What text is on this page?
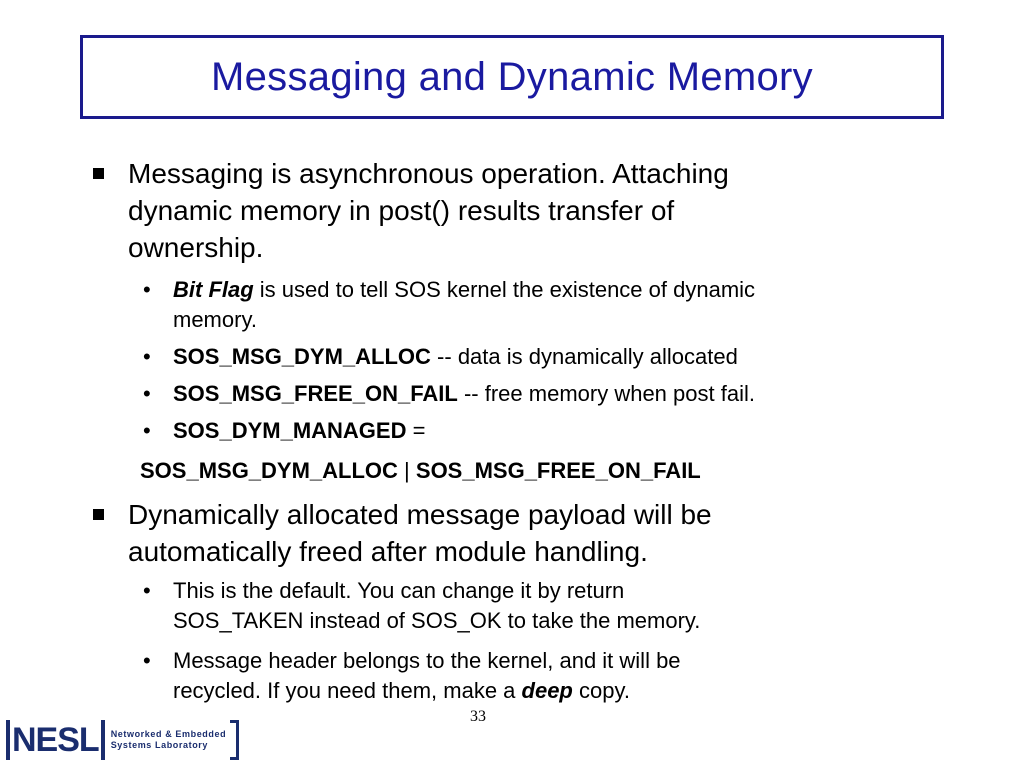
Messaging and Dynamic Memory
Messaging is asynchronous operation. Attaching
dynamic memory in post() results transfer of
ownership.
• Bit Flag is used to tell SOS kernel the existence of dynamic
memory.
• SOS_MSG_DYM_ALLOC -- data is dynamically allocated
• SOS_MSG_FREE_ON_FAIL -- free memory when post fail.
• SOS_DYM_MANAGED =
SOS_MSG_DYM_ALLOC | SOS_MSG_FREE_ON_FAIL
Dynamically allocated message payload will be
automatically freed after module handling.
• This is the default. You can change it by return
SOS_TAKEN instead of SOS_OK to take the memory.
• Message header belongs to the kernel, and it will be
recycled. If you need them, make a deep copy.
33
NESL	Networked & Embedded
Systems Laboratory
